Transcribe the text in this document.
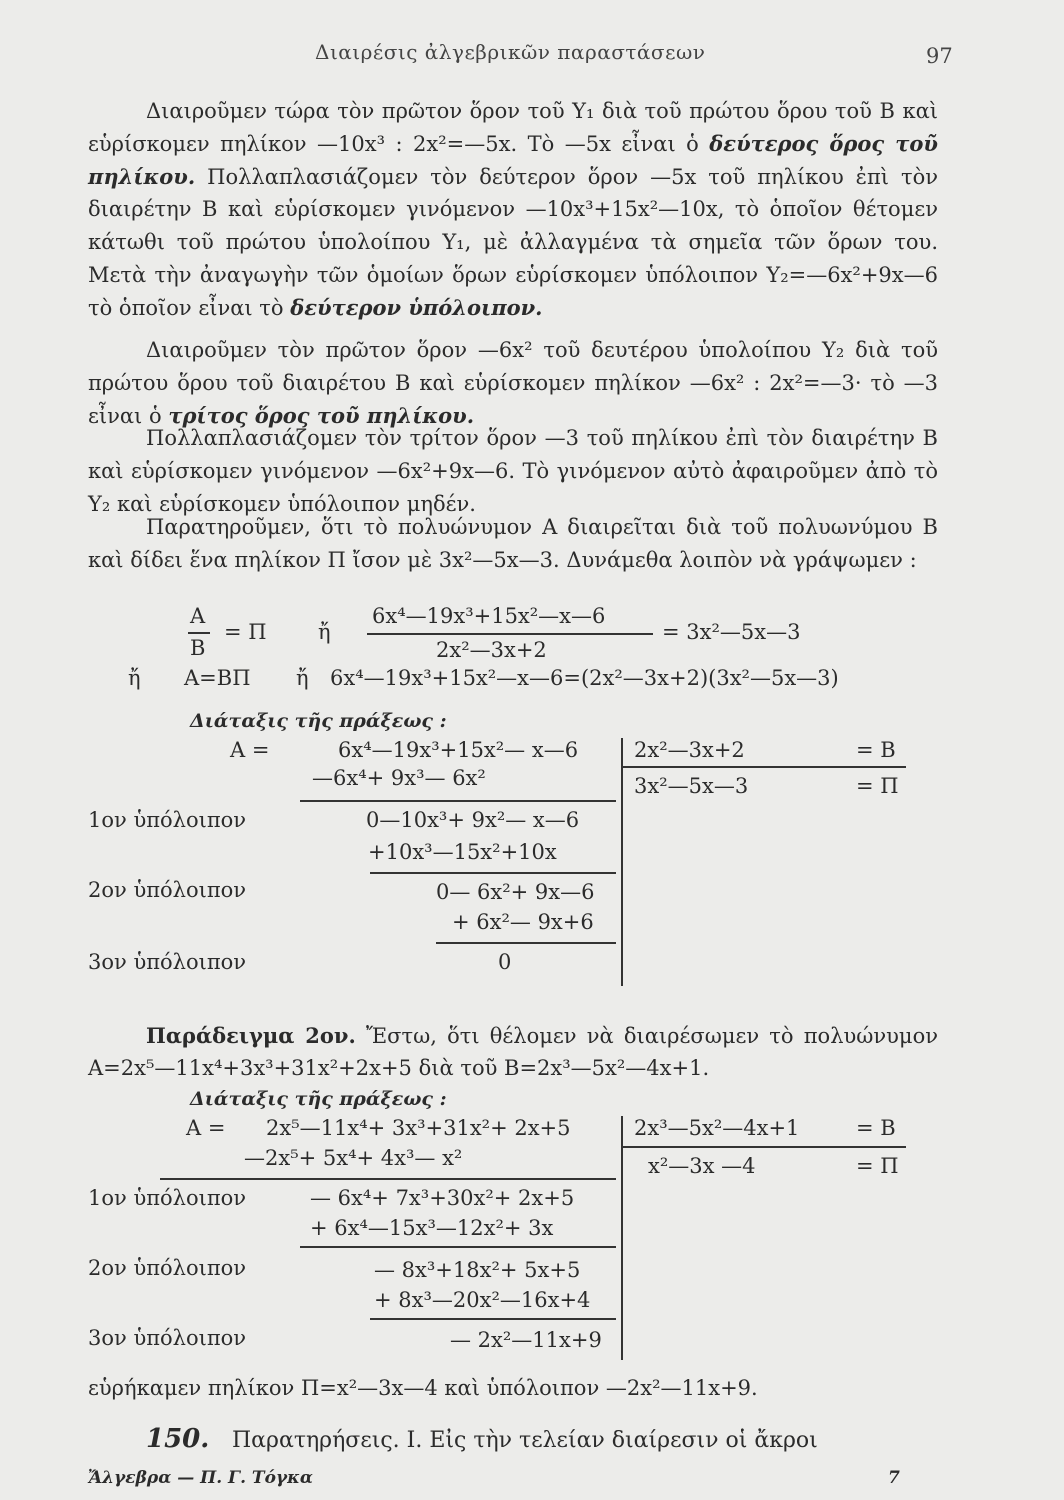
Διαιρέσις ἀλγεβρικῶν παραστάσεων	97
Διαιροῦμεν τώρα τὸν πρῶτον ὅρον τοῦ Y₁ διὰ τοῦ πρώτου ὅρου τοῦ B καὶ εὑρίσκομεν πηλίκον —10x³ : 2x²=—5x. Τὸ —5x εἶναι ὁ δεύτερος ὅρος τοῦ πηλίκου. Πολλαπλασιάζομεν τὸν δεύτερον ὅρον —5x τοῦ πηλίκου ἐπὶ τὸν διαιρέτην B καὶ εὑρίσκομεν γινόμενον —10x³+15x²—10x, τὸ ὁποῖον θέτομεν κάτωθι τοῦ πρώτου ὑπολοίπου Y₁, μὲ ἀλλαγμένα τὰ σημεῖα τῶν ὅρων του. Μετὰ τὴν ἀναγωγὴν τῶν ὁμοίων ὅρων εὑρίσκομεν ὑπόλοιπον Y₂=—6x²+9x—6 τὸ ὁποῖον εἶναι τὸ δεύτερον ὑπόλοιπον.
Διαιροῦμεν τὸν πρῶτον ὅρον —6x² τοῦ δευτέρου ὑπολοίπου Y₂ διὰ τοῦ πρώτου ὅρου τοῦ διαιρέτου B καὶ εὑρίσκομεν πηλίκον —6x² : 2x²=—3· τὸ —3 εἶναι ὁ τρίτος ὅρος τοῦ πηλίκου.
Πολλαπλασιάζομεν τὸν τρίτον ὅρον —3 τοῦ πηλίκου ἐπὶ τὸν διαιρέτην B καὶ εὑρίσκομεν γινόμενον —6x²+9x—6. Τὸ γινόμενον αὐτὸ ἀφαιροῦμεν ἀπὸ τὸ Y₂ καὶ εὑρίσκομεν ὑπόλοιπον μηδέν.
Παρατηροῦμεν, ὅτι τὸ πολυώνυμον A διαιρεῖται διὰ τοῦ πολυωνύμου B καὶ δίδει ἕνα πηλίκον Π ἴσον μὲ 3x²—5x—3. Δυνάμεθα λοιπὸν νὰ γράψωμεν :
A
B
= Π ἤ
6x⁴—19x³+15x²—x—6
2x²—3x+2
= 3x²—5x—3
ἤ A=BΠ ἤ 6x⁴—19x³+15x²—x—6=(2x²—3x+2)(3x²—5x—3)
Διάταξις τῆς πράξεως :
A =	6x⁴—19x³+15x²— x—6
—6x⁴+ 9x³— 6x²
1ον ὑπόλοιπον	0—10x³+ 9x²— x—6
+10x³—15x²+10x
2ον ὑπόλοιπον	0— 6x²+ 9x—6
+ 6x²— 9x+6
3ον ὑπόλοιπον	0
2x²—3x+2	= B
3x²—5x—3	= Π
Παράδειγμα 2ον. Ἔστω, ὅτι θέλομεν νὰ διαιρέσωμεν τὸ πολυώνυμον A=2x⁵—11x⁴+3x³+31x²+2x+5 διὰ τοῦ B=2x³—5x²—4x+1.
Διάταξις τῆς πράξεως :
A = 2x⁵—11x⁴+ 3x³+31x²+ 2x+5
—2x⁵+ 5x⁴+ 4x³— x²
1ον ὑπόλοιπον	— 6x⁴+ 7x³+30x²+ 2x+5
+ 6x⁴—15x³—12x²+ 3x
2ον ὑπόλοιπον	— 8x³+18x²+ 5x+5
+ 8x³—20x²—16x+4
3ον ὑπόλοιπον	— 2x²—11x+9
2x³—5x²—4x+1	= B
x²—3x —4	= Π
εὑρήκαμεν πηλίκον Π=x²—3x—4 καὶ ὑπόλοιπον —2x²—11x+9.
150. Παρατηρήσεις. I. Εἰς τὴν τελείαν διαίρεσιν οἱ ἄκροι
Ἄλγεβρα — Π. Γ. Τόγκα	7
